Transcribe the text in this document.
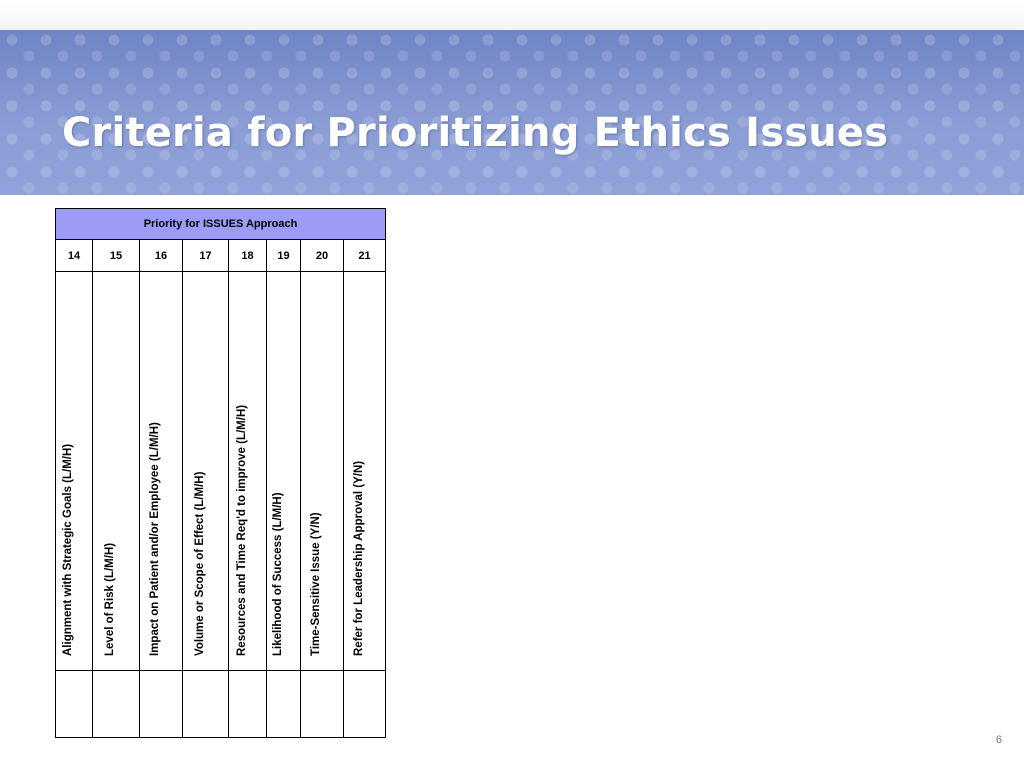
Criteria for Prioritizing Ethics Issues
Priority for ISSUES Approach							
14	15	16	17	18	19	20	21

Alignment with Strategic Goals (L/M/H)	Level of Risk (L/M/H)	Impact on Patient and/or Employee (L/M/H)	Volume or Scope of Effect (L/M/H)	Resources and Time Req'd to improve (L/M/H)	Likelihood of Success (L/M/H)	Time-Sensitive Issue (Y/N)	Refer for Leadership Approval (Y/N)

6
